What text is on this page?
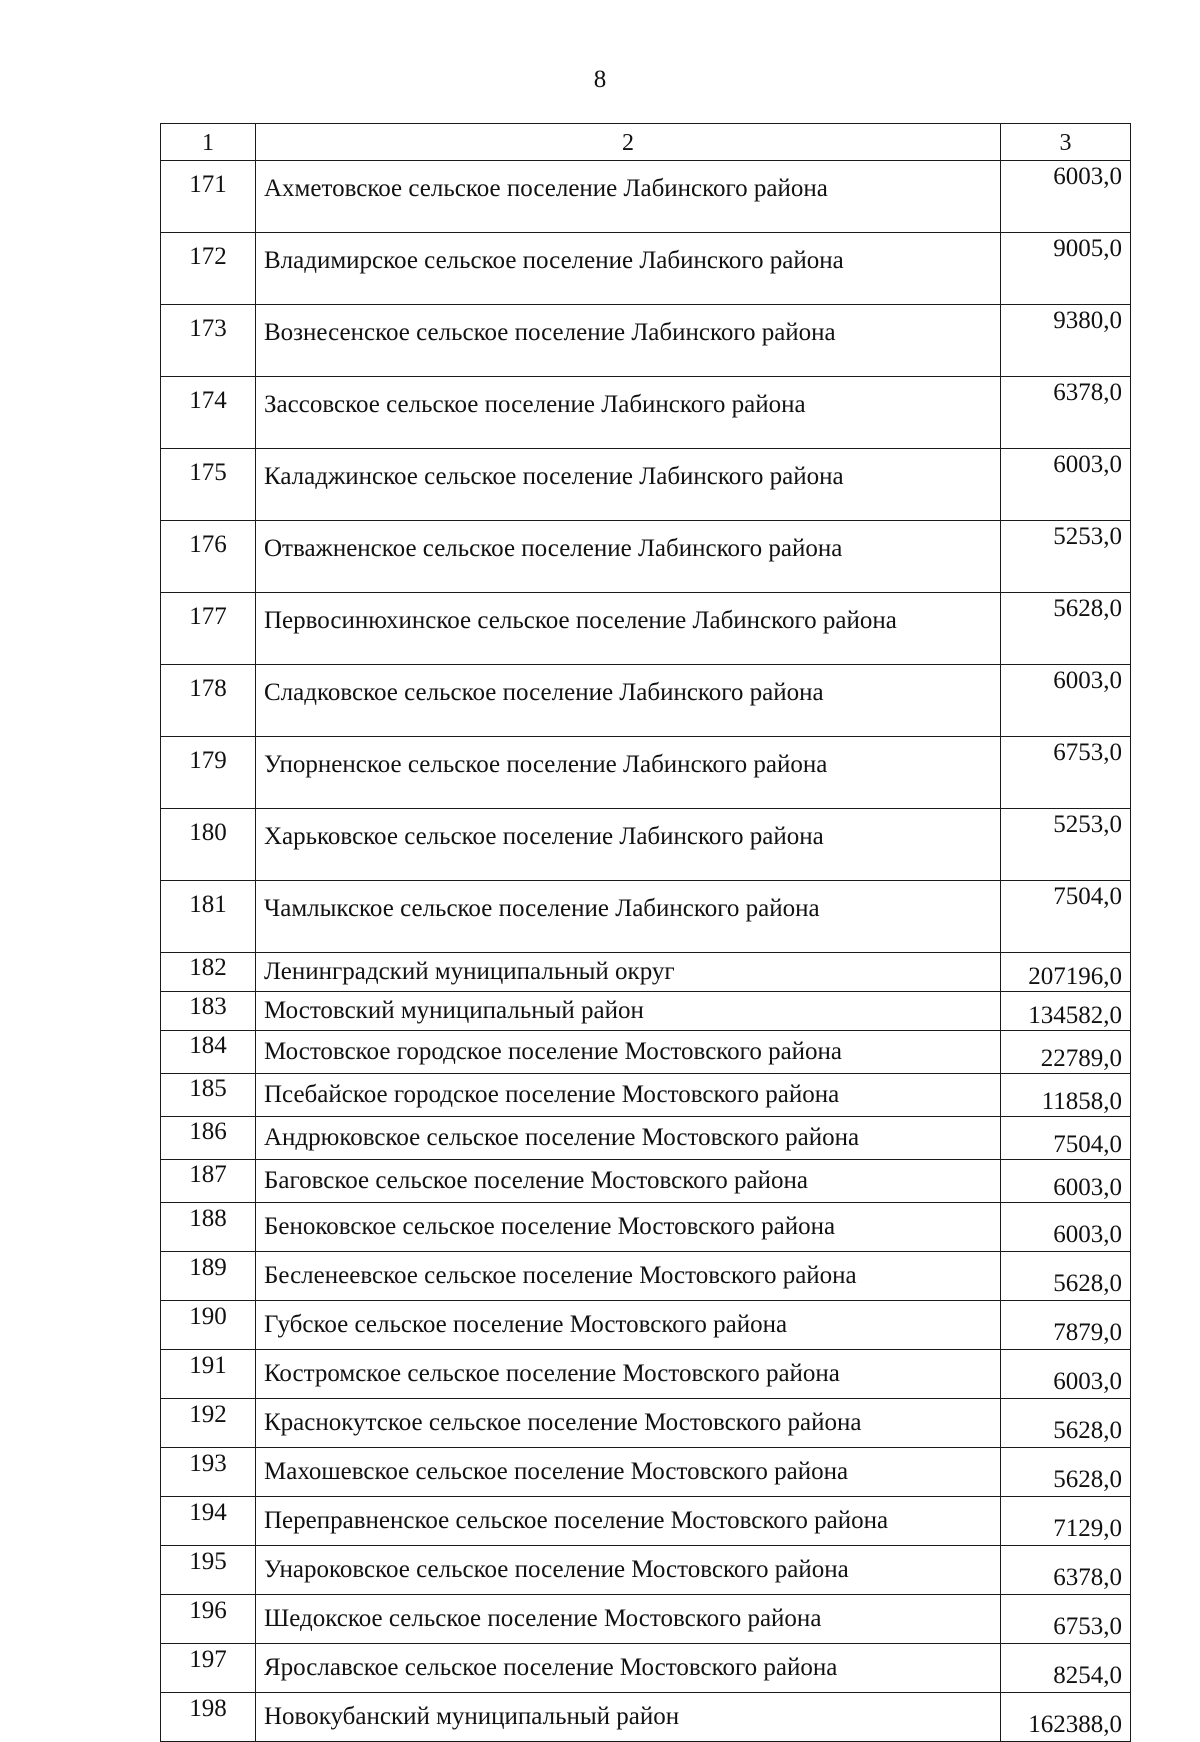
8
1	2	3
171	Ахметовское сельское поселение Лабинского района	6003,0
172	Владимирское сельское поселение Лабинского района	9005,0
173	Вознесенское сельское поселение Лабинского района	9380,0
174	Зассовское сельское поселение Лабинского района	6378,0
175	Каладжинское сельское поселение Лабинского района	6003,0
176	Отважненское сельское поселение Лабинского района	5253,0
177	Первосинюхинское сельское поселение Лабинского района	5628,0
178	Сладковское сельское поселение Лабинского района	6003,0
179	Упорненское сельское поселение Лабинского района	6753,0
180	Харьковское сельское поселение Лабинского района	5253,0
181	Чамлыкское сельское поселение Лабинского района	7504,0
182	Ленинградский муниципальный округ	207196,0
183	Мостовский муниципальный район	134582,0
184	Мостовское городское поселение Мостовского района	22789,0
185	Псебайское городское поселение Мостовского района	11858,0
186	Андрюковское сельское поселение Мостовского района	7504,0
187	Баговское сельское поселение Мостовского района	6003,0
188	Беноковское сельское поселение Мостовского района	6003,0
189	Бесленеевское сельское поселение Мостовского района	5628,0
190	Губское сельское поселение Мостовского района	7879,0
191	Костромское сельское поселение Мостовского района	6003,0
192	Краснокутское сельское поселение Мостовского района	5628,0
193	Махошевское сельское поселение Мостовского района	5628,0
194	Переправненское сельское поселение Мостовского района	7129,0
195	Унароковское сельское поселение Мостовского района	6378,0
196	Шедокское сельское поселение Мостовского района	6753,0
197	Ярославское сельское поселение Мостовского района	8254,0
198	Новокубанский муниципальный район	162388,0
